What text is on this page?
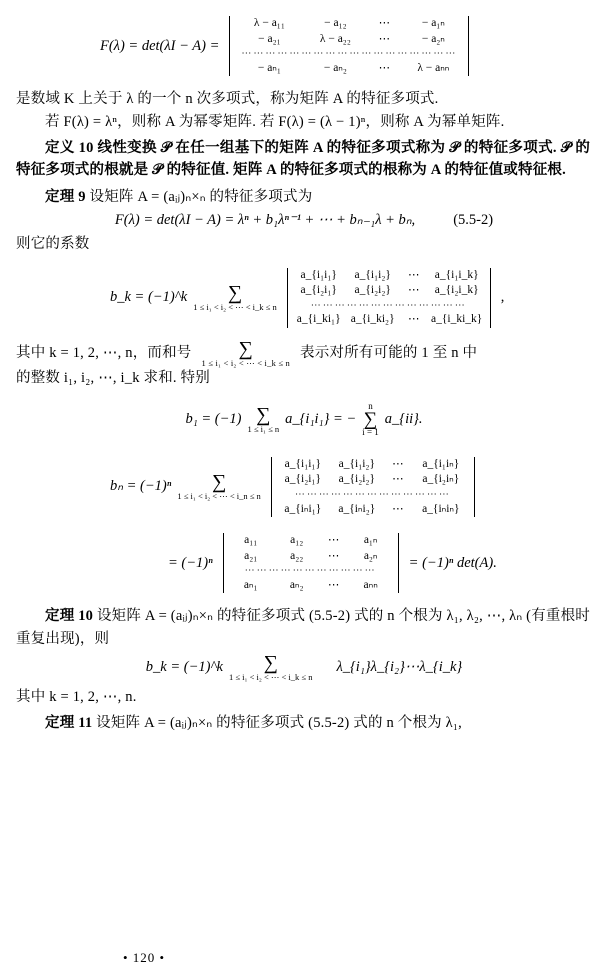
F(λ) = det(λI − A) =
λ − a₁₁	− a₁₂	⋯	− a₁ₙ
− a₂₁	λ − a₂₂	⋯	− a₂ₙ
⋯⋯⋯⋯⋯⋯⋯⋯⋯⋯⋯⋯⋯⋯⋯⋯⋯⋯
− aₙ₁	− aₙ₂	⋯	λ − aₙₙ

是数域 K 上关于 λ 的一个 n 次多项式，称为矩阵 A 的特征多项式.

若 F(λ) = λⁿ，则称 A 为幂零矩阵. 若 F(λ) = (λ − 1)ⁿ，则称 A 为幂单矩阵.

定义 10 线性变换 𝒫 在任一组基下的矩阵 A 的特征多项式称为 𝒫 的特征多项式. 𝒫 的特征多项式的根就是 𝒫 的特征值. 矩阵 A 的特征多项式的根称为 A 的特征值或特征根.

定理 9 设矩阵 A = (aᵢⱼ)ₙ×ₙ 的特征多项式为

F(λ) = det(λI − A) = λⁿ + b₁λⁿ⁻¹ + ⋯ + bₙ₋₁λ + bₙ,	(5.5-2)

则它的系数

b_k = (−1)^k ∑
1 ≤ i₁ < i₂ < ⋯ < i_k ≤ n
a_{i₁i₁}	a_{i₁i₂}	⋯	a_{i₁i_k}
a_{i₂i₁}	a_{i₂i₂}	⋯	a_{i₂i_k}
⋯⋯⋯⋯⋯⋯⋯⋯⋯⋯⋯⋯⋯
a_{i_ki₁} a_{i_ki₂}	⋯	a_{i_ki_k}
,
其中 k = 1, 2, ⋯, n，而和号 ∑
1 ≤ i₁ < i₂ < ⋯ < i_k ≤ n
表示对所有可能的 1 至 n 中

的整数 i₁, i₂, ⋯, i_k 求和. 特别

b₁ = (−1) ∑
1 ≤ i₁ ≤ n
a_{i₁i₁} = −
n
∑
i = 1
a_{ii}.
bₙ = (−1)ⁿ ∑
1 ≤ i₁ < i₂ < ⋯ < i_n ≤ n
a_{i₁i₁}	a_{i₁i₂}	⋯	a_{i₁iₙ}
a_{i₂i₁}	a_{i₂i₂}	⋯	a_{i₂iₙ}
⋯⋯⋯⋯⋯⋯⋯⋯⋯⋯⋯⋯⋯
a_{iₙi₁}	a_{iₙi₂}	⋯	a_{iₙiₙ}
= (−1)ⁿ
a₁₁	a₁₂	⋯	a₁ₙ
a₂₁	a₂₂	⋯	a₂ₙ
⋯⋯⋯⋯⋯⋯⋯⋯⋯⋯⋯
aₙ₁	aₙ₂	⋯	aₙₙ
= (−1)ⁿ det(A).

定理 10 设矩阵 A = (aᵢⱼ)ₙ×ₙ 的特征多项式 (5.5-2) 式的 n 个根为 λ₁, λ₂, ⋯, λₙ (有重根时重复出现)，则

b_k = (−1)^k ∑
1 ≤ i₁ < i₂ < ⋯ < i_k ≤ n
λ_{i₁}λ_{i₂}⋯λ_{i_k}

其中 k = 1, 2, ⋯, n.

定理 11 设矩阵 A = (aᵢⱼ)ₙ×ₙ 的特征多项式 (5.5-2) 式的 n 个根为 λ₁,

• 120 •
